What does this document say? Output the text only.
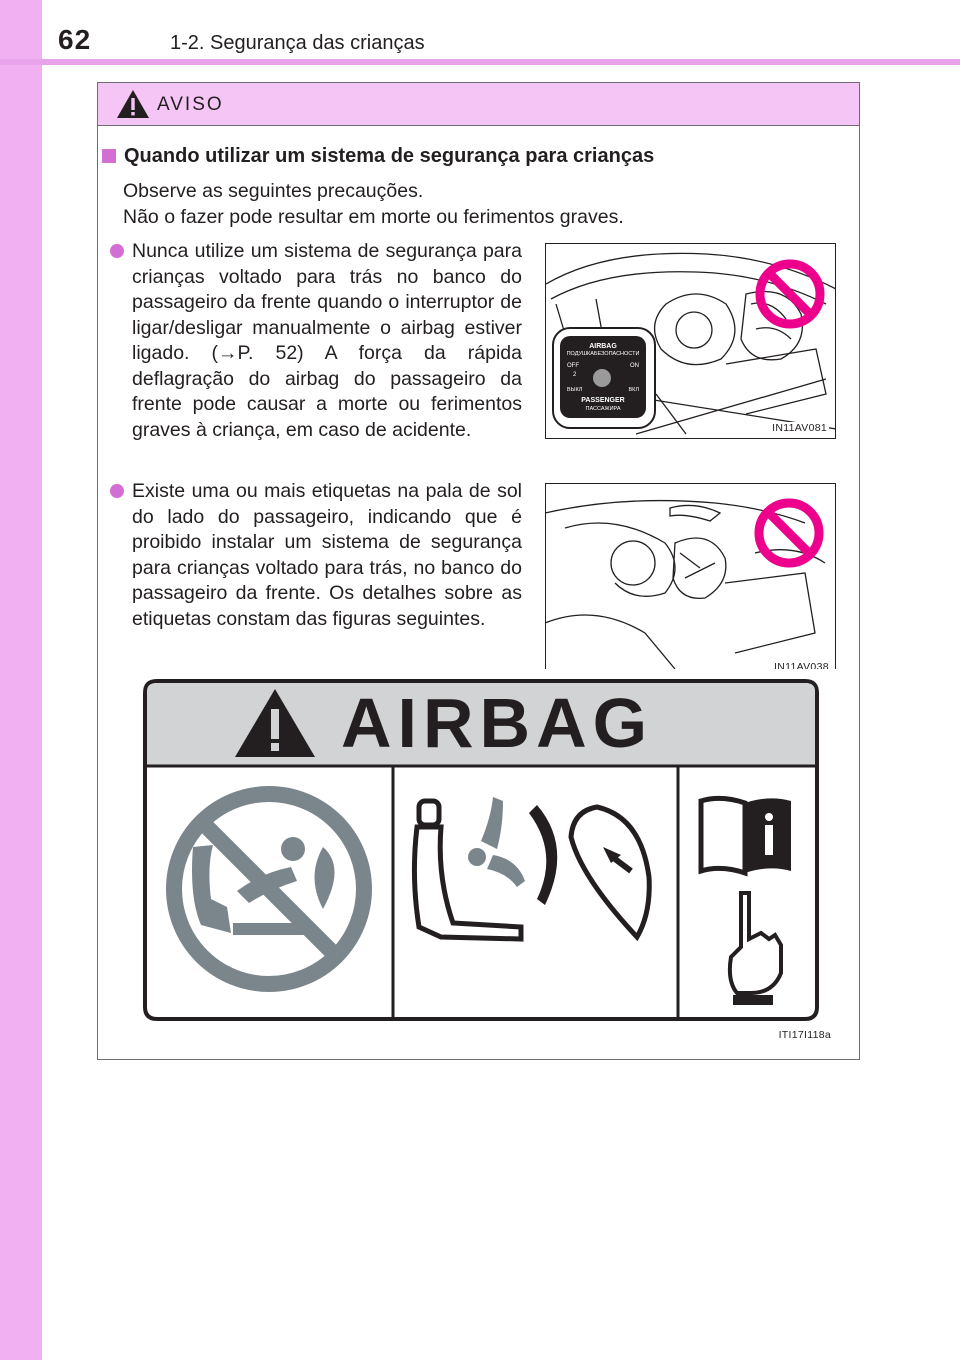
62	1-2. Segurança das crianças
AVISO
Quando utilizar um sistema de segurança para crianças
Observe as seguintes precauções.
Não o fazer pode resultar em morte ou ferimentos graves.
Nunca utilize um sistema de segurança para crianças voltado para trás no banco do passageiro da frente quando o interruptor de ligar/desligar manualmente o airbag estiver ligado. (→P. 52) A força da rápida deflagração do airbag do passageiro da frente pode causar a morte ou ferimentos graves à criança, em caso de acidente.
Existe uma ou mais etiquetas na pala de sol do lado do passageiro, indicando que é proibido instalar um sistema de segurança para crianças voltado para trás, no banco do passageiro da frente. Os detalhes sobre as etiquetas constam das figuras seguintes.
AIRBAG
ПОДУШКАБЕЗОПАСНОСТИ
OFF	ON
2
ВЫКЛ	ВКЛ
PASSENGER
ПАССАЖИРА
IN11AV081
IN11AV038
AIRBAG
ITI17I118a
